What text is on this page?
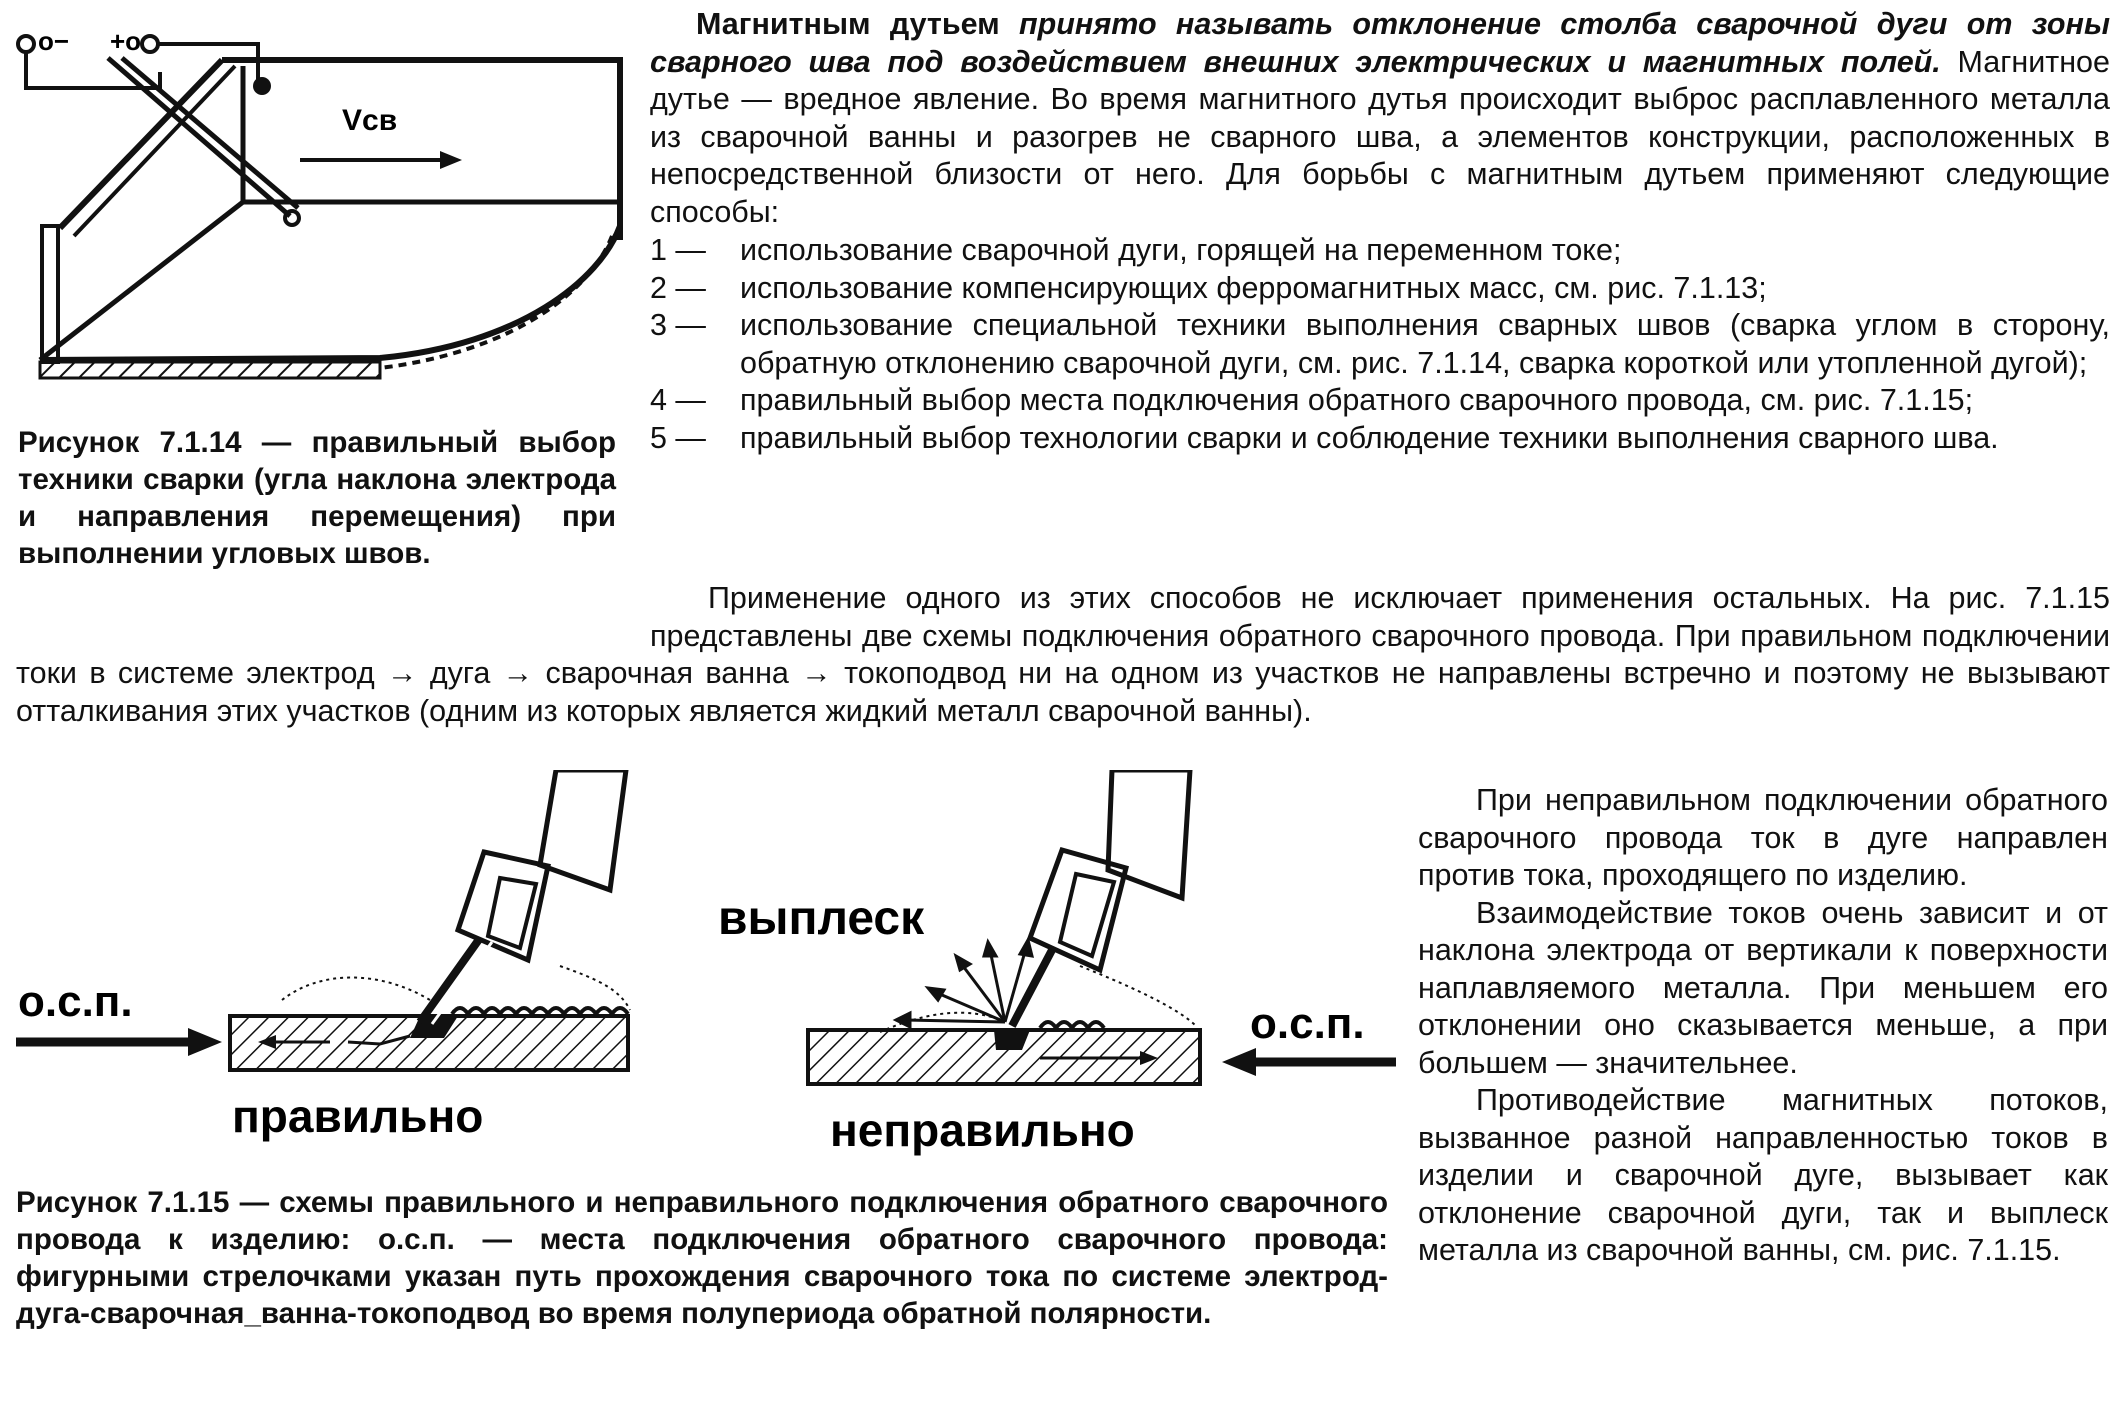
o− +o
Vсв
Рисунок 7.1.14 — правильный выбор техники сварки (угла наклона электрода и направления перемещения) при выполнении угловых швов.
Магнитным дутьем принято называть отклонение столба сварочной дуги от зоны сварного шва под воздействием внешних электрических и магнитных полей. Магнитное дутье — вредное явление. Во время магнитного дутья происходит выброс расплавленного металла из сварочной ванны и разогрев не сварного шва, а элементов конструкции, расположенных в непосредственной близости от него. Для борьбы с магнитным дутьем применяют следующие способы:
1 —	использование сварочной дуги, горящей на переменном токе;
2 —	использование компенсирующих ферромагнитных масс, см. рис. 7.1.13;
3 —	использование специальной техники выполнения сварных швов (сварка углом в сторону, обратную отклонению сварочной дуги, см. рис. 7.1.14, сварка короткой или утопленной дугой);
4 —	правильный выбор места подключения обратного сварочного провода, см. рис. 7.1.15;
5 —	правильный выбор технологии сварки и соблюдение техники выполнения сварного шва.
Применение одного из этих способов не исключает применения остальных. На рис. 7.1.15 представлены две схемы подключения обратного сварочного провода. При правильном подключении токи в системе электрод → дуга → сварочная ванна → токоподвод ни на одном из участков не направлены встречно и поэтому не вызывают отталкивания этих участков (одним из которых является жидкий металл сварочной ванны).
о.с.п.
правильно
выплеск
о.с.п.
неправильно
Рисунок 7.1.15 — схемы правильного и неправильного подключения обратного сварочного провода к изделию: о.с.п. — места подключения обратного сварочного провода: фигурными стрелочками указан путь прохождения сварочного тока по системе электрод-дуга-сварочная_ванна-токоподвод во время полупериода обратной полярности.

При неправильном подключении обратного сварочного провода ток в дуге направлен против тока, проходящего по изделию.

Взаимодействие токов очень зависит и от наклона электрода от вертикали к поверхности наплавляемого металла. При меньшем его отклонении оно сказывается меньше, а при большем — значительнее.

Противодействие магнитных потоков, вызванное разной направленностью токов в изделии и сварочной дуге, вызывает как отклонение сварочной дуги, так и выплеск металла из сварочной ванны, см. рис. 7.1.15.
